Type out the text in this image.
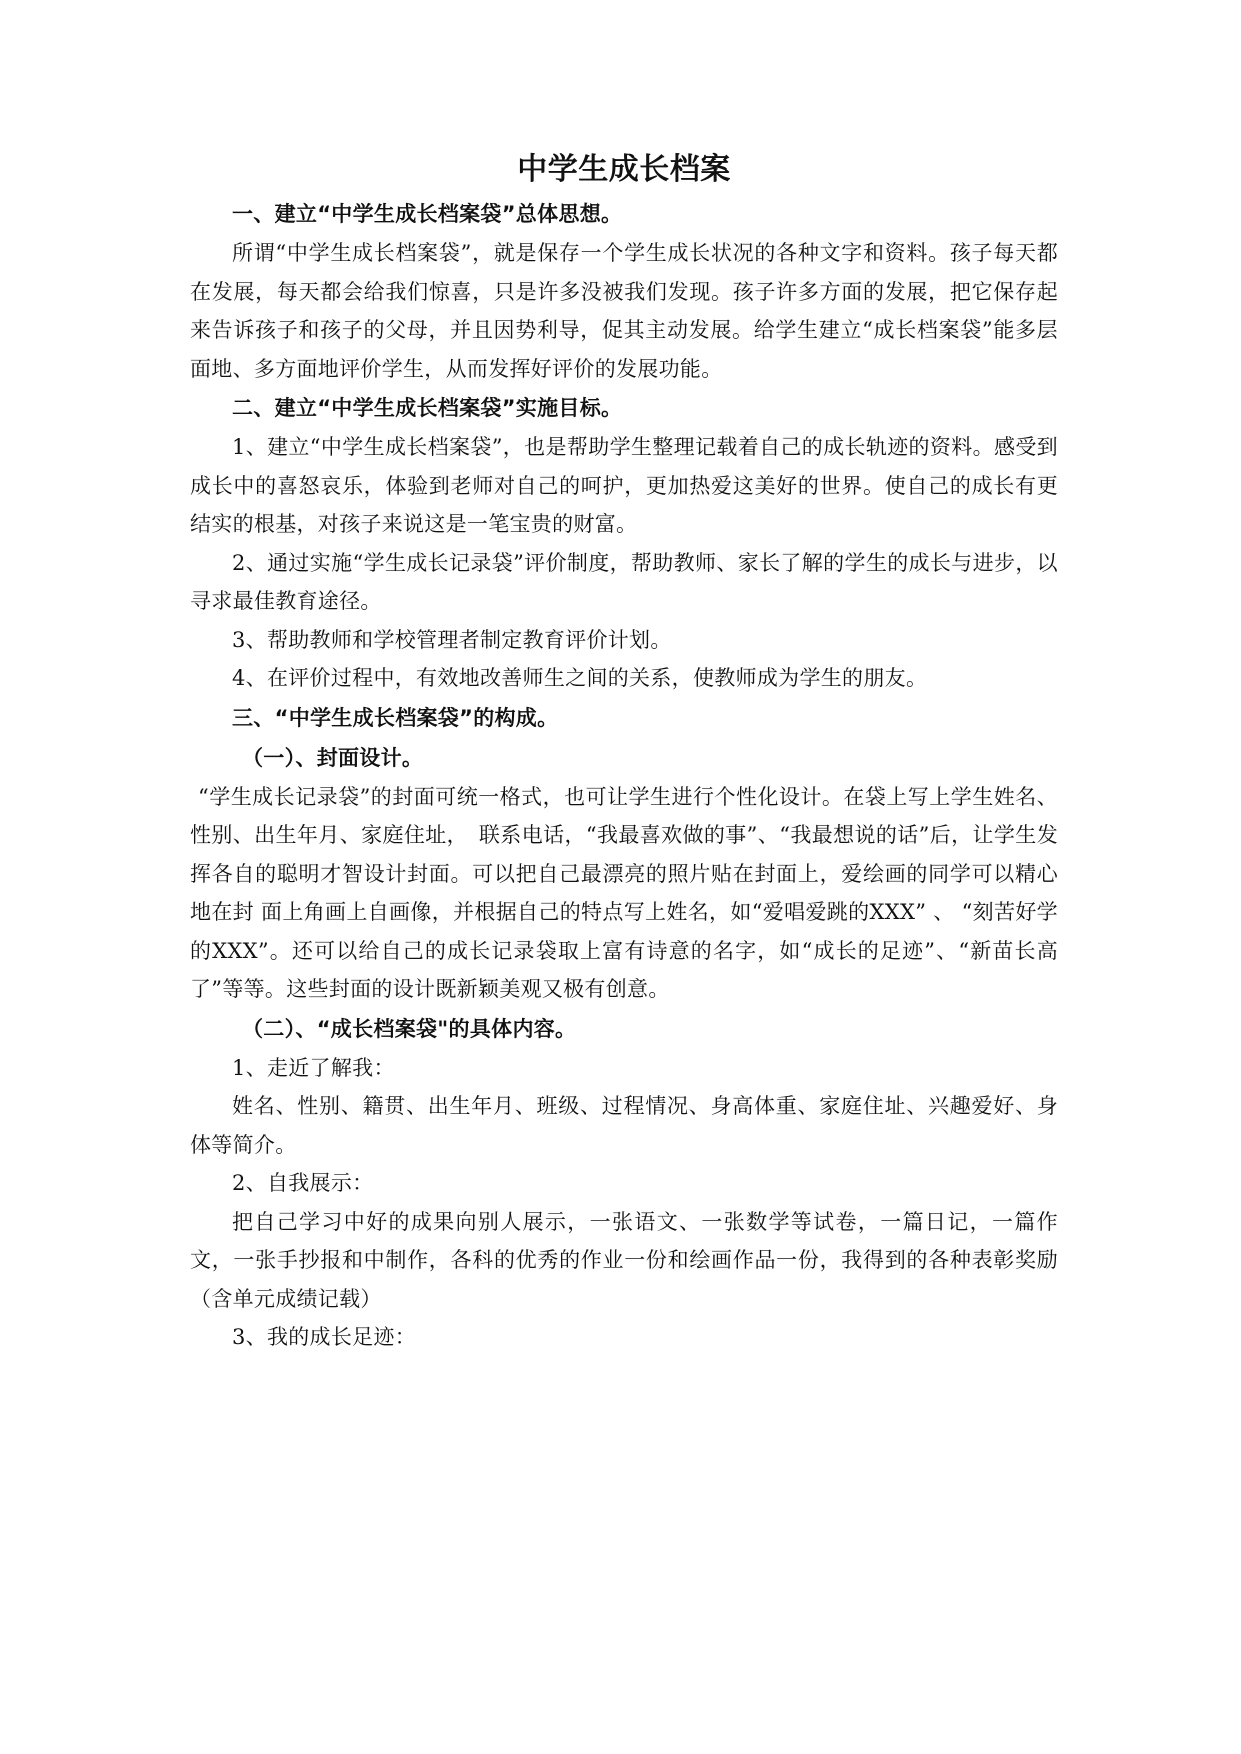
中学生成长档案

一、建立“中学生成长档案袋”总体思想。

所谓“中学生成长档案袋”，就是保存一个学生成长状况的各种文字和资料。孩子每天都在发展，每天都会给我们惊喜，只是许多没被我们发现。孩子许多方面的发展，把它保存起来告诉孩子和孩子的父母，并且因势利导，促其主动发展。给学生建立“成长档案袋”能多层面地、多方面地评价学生，从而发挥好评价的发展功能。

二、建立“中学生成长档案袋”实施目标。

1、建立“中学生成长档案袋”，也是帮助学生整理记载着自己的成长轨迹的资料。感受到成长中的喜怒哀乐，体验到老师对自己的呵护，更加热爱这美好的世界。使自己的成长有更结实的根基，对孩子来说这是一笔宝贵的财富。

2、通过实施“学生成长记录袋”评价制度，帮助教师、家长了解的学生的成长与进步，以寻求最佳教育途径。

3、帮助教师和学校管理者制定教育评价计划。

4、在评价过程中，有效地改善师生之间的关系，使教师成为学生的朋友。

三、“中学生成长档案袋”的构成。

（一）、封面设计。

“学生成长记录袋”的封面可统一格式，也可让学生进行个性化设计。在袋上写上学生姓名、性别、出生年月、家庭住址，　联系电话，“我最喜欢做的事”、“我最想说的话”后，让学生发挥各自的聪明才智设计封面。可以把自己最漂亮的照片贴在封面上，爱绘画的同学可以精心地在封 面上角画上自画像，并根据自己的特点写上姓名，如“爱唱爱跳的XXX” 、 “刻苦好学的XXX”。还可以给自己的成长记录袋取上富有诗意的名字，如“成长的足迹”、“新苗长高了”等等。这些封面的设计既新颖美观又极有创意。

（二）、“成长档案袋"的具体内容。

1、走近了解我：

姓名、性别、籍贯、出生年月、班级、过程情况、身高体重、家庭住址、兴趣爱好、身体等简介。

2、自我展示：

把自己学习中好的成果向别人展示，一张语文、一张数学等试卷，一篇日记，一篇作文，一张手抄报和中制作，各科的优秀的作业一份和绘画作品一份，我得到的各种表彰奖励（含单元成绩记载）

3、我的成长足迹：
